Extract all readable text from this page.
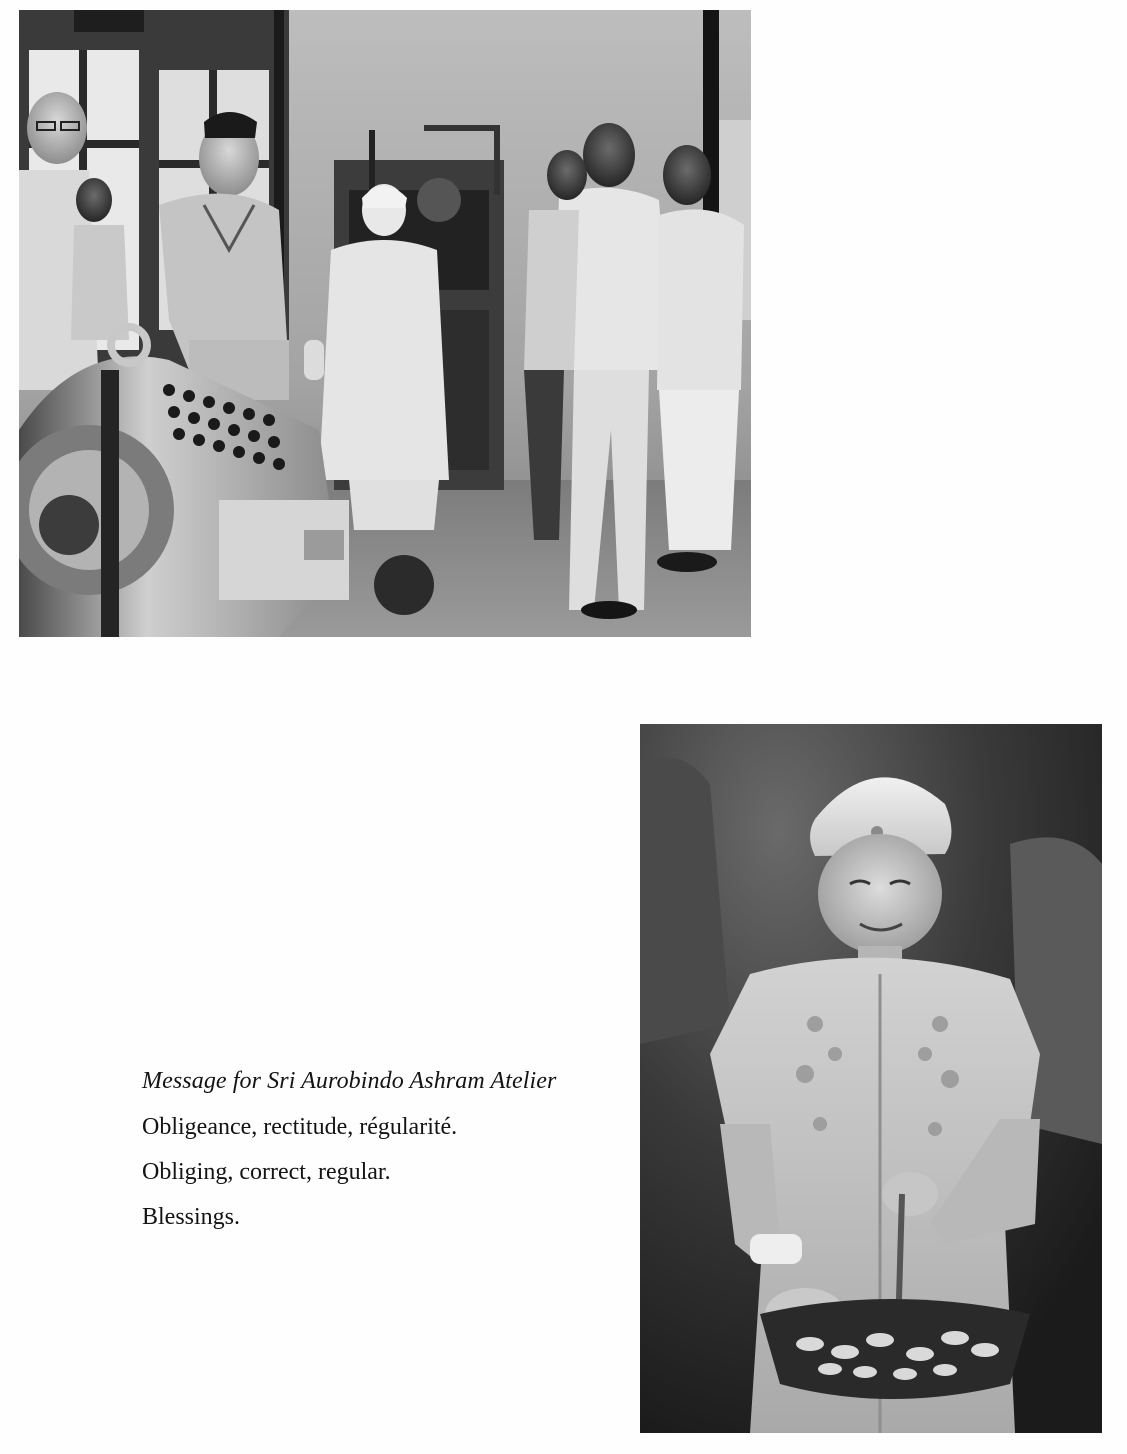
Message for Sri Aurobindo Ashram Atelier

Obligeance, rectitude, régularité.

Obliging, correct, regular.

Blessings.
